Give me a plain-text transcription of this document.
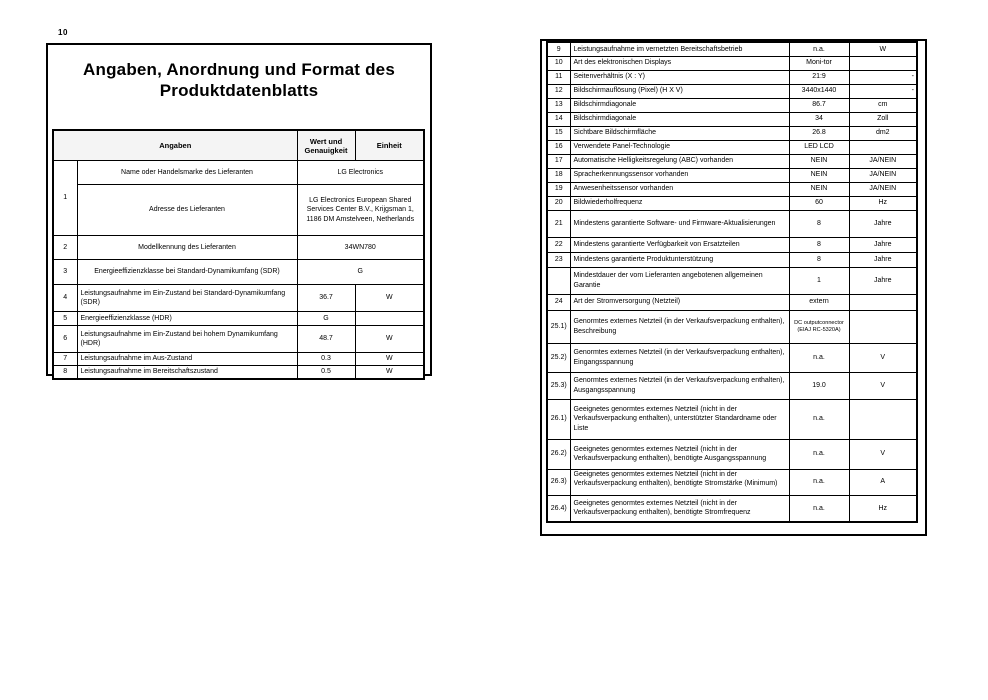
10
Angaben, Anordnung und Format des Produktdatenblatts
Angaben		Wert und Genauigkeit	Einheit
1	Name oder Handelsmarke des Lieferanten	LG Electronics	
	Adresse des Lieferanten	LG Electronics European Shared Services Center B.V., Krijgsman 1, 1186 DM Amstelveen, Netherlands	
2	Modellkennung des Lieferanten	34WN780	
3	Energieeffizienzklasse bei Standard-Dynamikumfang (SDR)	G	
4	Leistungsaufnahme im Ein-Zustand bei Standard-Dynamikumfang (SDR)	36.7	W
5	Energieeffizienzklasse (HDR)	G	
6	Leistungsaufnahme im Ein-Zustand bei hohem Dynamikumfang (HDR)	48.7	W
7	Leistungsaufnahme im Aus-Zustand	0.3	W
8	Leistungsaufnahme im Bereitschaftszustand	0.5	W
9	Leistungsaufnahme im vernetzten Bereitschaftsbetrieb	n.a.	W
10	Art des elektronischen Displays	Moni-tor	
11	Seitenverhältnis (X : Y)	21:9	-
12	Bildschirmauflösung (Pixel) (H X V)	3440x1440	-
13	Bildschirmdiagonale	86.7	cm
14	Bildschirmdiagonale	34	Zoll
15	Sichtbare Bildschirmfläche	26.8	dm2
16	Verwendete Panel-Technologie	LED LCD	
17	Automatische Helligkeitsregelung (ABC) vorhanden	NEIN	JA/NEIN
18	Spracherkennungssensor vorhanden	NEIN	JA/NEIN
19	Anwesenheitssensor vorhanden	NEIN	JA/NEIN
20	Bildwiederholfrequenz	60	Hz
21	Mindestens garantierte Software- und Firmware-Aktualisierungen	8	Jahre
22	Mindestens garantierte Verfügbarkeit von Ersatzteilen	8	Jahre
23	Mindestens garantierte Produktunterstützung	8	Jahre
	Mindestdauer der vom Lieferanten angebotenen allgemeinen Garantie	1	Jahre
24	Art der Stromversorgung (Netzteil)	extern	
25.1)	Genormtes externes Netzteil (in der Verkaufsverpackung enthalten), Beschreibung	DC outputconnector (EIAJ RC-5320A)	
25.2)	Genormtes externes Netzteil (in der Verkaufsverpackung enthalten), Eingangsspannung	n.a.	V
25.3)	Genormtes externes Netzteil (in der Verkaufsverpackung enthalten), Ausgangsspannung	19.0	V
26.1)	Geeignetes genormtes externes Netzteil (nicht in der Verkaufsverpackung enthalten), unterstützter Standardname oder Liste	n.a.	
26.2)	Geeignetes genormtes externes Netzteil (nicht in der Verkaufsverpackung enthalten), benötigte Ausgangsspannung	n.a.	V
26.3)	Geeignetes genormtes externes Netzteil (nicht in der Verkaufsverpackung enthalten), benötigte Stromstärke (Minimum)	n.a.	A
26.4)	Geeignetes genormtes externes Netzteil (nicht in der Verkaufsverpackung enthalten), benötigte Stromfrequenz	n.a.	Hz
